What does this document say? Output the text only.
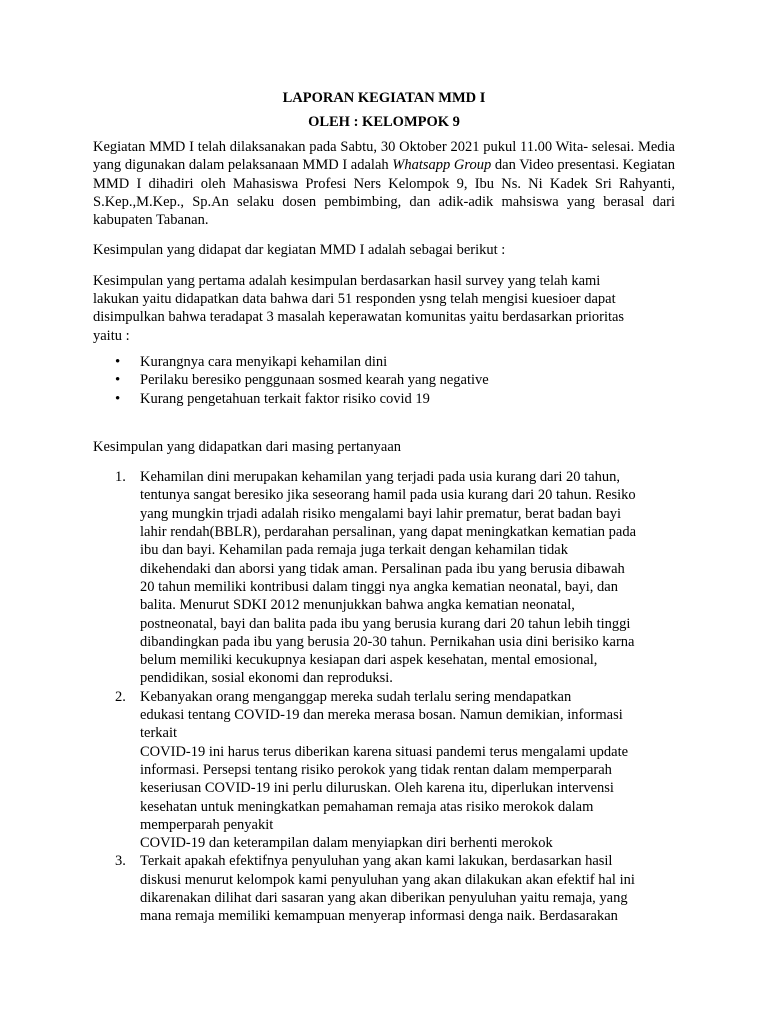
LAPORAN KEGIATAN MMD I
OLEH : KELOMPOK 9

Kegiatan MMD I telah dilaksanakan pada Sabtu, 30 Oktober 2021 pukul 11.00 Wita- selesai. Media yang digunakan dalam pelaksanaan MMD I adalah Whatsapp Group dan Video presentasi. Kegiatan MMD I dihadiri oleh Mahasiswa Profesi Ners Kelompok 9, Ibu Ns. Ni Kadek Sri Rahyanti, S.Kep.,M.Kep., Sp.An selaku dosen pembimbing, dan adik-adik mahsiswa yang berasal dari kabupaten Tabanan.

Kesimpulan yang didapat dar kegiatan MMD I adalah sebagai berikut :

Kesimpulan yang pertama adalah kesimpulan berdasarkan hasil survey yang telah kami
lakukan yaitu didapatkan data bahwa dari 51 responden ysng telah mengisi kuesioer dapat
disimpulkan bahwa teradapat 3 masalah keperawatan komunitas yaitu berdasarkan prioritas
yaitu :

• Kurangnya cara menyikapi kehamilan dini
• Perilaku beresiko penggunaan sosmed kearah yang negative
• Kurang pengetahuan terkait faktor risiko covid 19

Kesimpulan yang didapatkan dari masing pertanyaan

1. Kehamilan dini merupakan kehamilan yang terjadi pada usia kurang dari 20 tahun,
tentunya sangat beresiko jika seseorang hamil pada usia kurang dari 20 tahun. Resiko
yang mungkin trjadi adalah risiko mengalami bayi lahir prematur, berat badan bayi
lahir rendah(BBLR), perdarahan persalinan, yang dapat meningkatkan kematian pada
ibu dan bayi. Kehamilan pada remaja juga terkait dengan kehamilan tidak
dikehendaki dan aborsi yang tidak aman. Persalinan pada ibu yang berusia dibawah
20 tahun memiliki kontribusi dalam tinggi nya angka kematian neonatal, bayi, dan
balita. Menurut SDKI 2012 menunjukkan bahwa angka kematian neonatal,
postneonatal, bayi dan balita pada ibu yang berusia kurang dari 20 tahun lebih tinggi
dibandingkan pada ibu yang berusia 20-30 tahun. Pernikahan usia dini berisiko karna
belum memiliki kecukupnya kesiapan dari aspek kesehatan, mental emosional,
pendidikan, sosial ekonomi dan reproduksi.
2. Kebanyakan orang menganggap mereka sudah terlalu sering mendapatkan
edukasi tentang COVID-19 dan mereka merasa bosan. Namun demikian, informasi
terkait
COVID-19 ini harus terus diberikan karena situasi pandemi terus mengalami update
informasi. Persepsi tentang risiko perokok yang tidak rentan dalam memperparah
keseriusan COVID-19 ini perlu diluruskan. Oleh karena itu, diperlukan intervensi
kesehatan untuk meningkatkan pemahaman remaja atas risiko merokok dalam
memperparah penyakit
COVID-19 dan keterampilan dalam menyiapkan diri berhenti merokok
3. Terkait apakah efektifnya penyuluhan yang akan kami lakukan, berdasarkan hasil
diskusi menurut kelompok kami penyuluhan yang akan dilakukan akan efektif hal ini
dikarenakan dilihat dari sasaran yang akan diberikan penyuluhan yaitu remaja, yang
mana remaja memiliki kemampuan menyerap informasi denga naik. Berdasarakan
